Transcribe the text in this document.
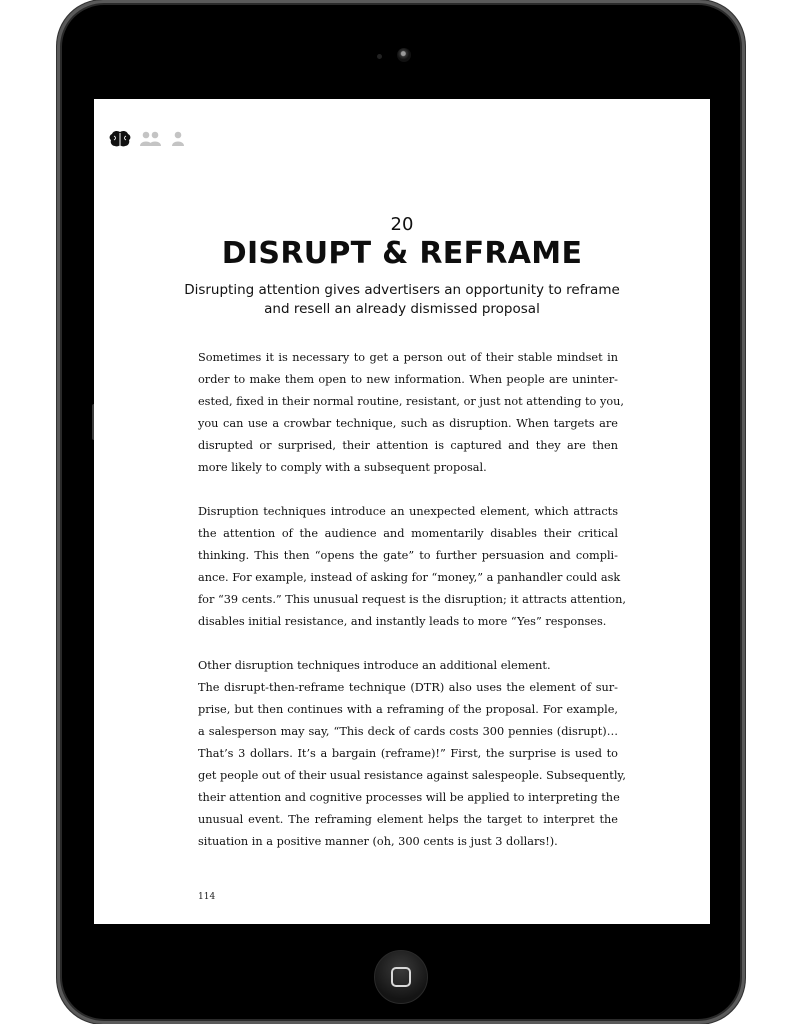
20
DISRUPT & REFRAME
Disrupting attention gives advertisers an opportunity to reframe
and resell an already dismissed proposal
Sometimes it is necessary to get a person out of their stable mindset in
order to make them open to new information. When people are uninter-
ested, fixed in their normal routine, resistant, or just not attending to you,
you can use a crowbar technique, such as disruption. When targets are
disrupted or surprised, their attention is captured and they are then
more likely to comply with a subsequent proposal.
Disruption techniques introduce an unexpected element, which attracts
the attention of the audience and momentarily disables their critical
thinking. This then “opens the gate” to further persuasion and compli-
ance. For example, instead of asking for “money,” a panhandler could ask
for “39 cents.” This unusual request is the disruption; it attracts attention,
disables initial resistance, and instantly leads to more “Yes” responses.
Other disruption techniques introduce an additional element.
The disrupt-then-reframe technique (DTR) also uses the element of sur-
prise, but then continues with a reframing of the proposal. For example,
a salesperson may say, “This deck of cards costs 300 pennies (disrupt)…
That’s 3 dollars. It’s a bargain (reframe)!” First, the surprise is used to
get people out of their usual resistance against salespeople. Subsequently,
their attention and cognitive processes will be applied to interpreting the
unusual event. The reframing element helps the target to interpret the
situation in a positive manner (oh, 300 cents is just 3 dollars!).
114
